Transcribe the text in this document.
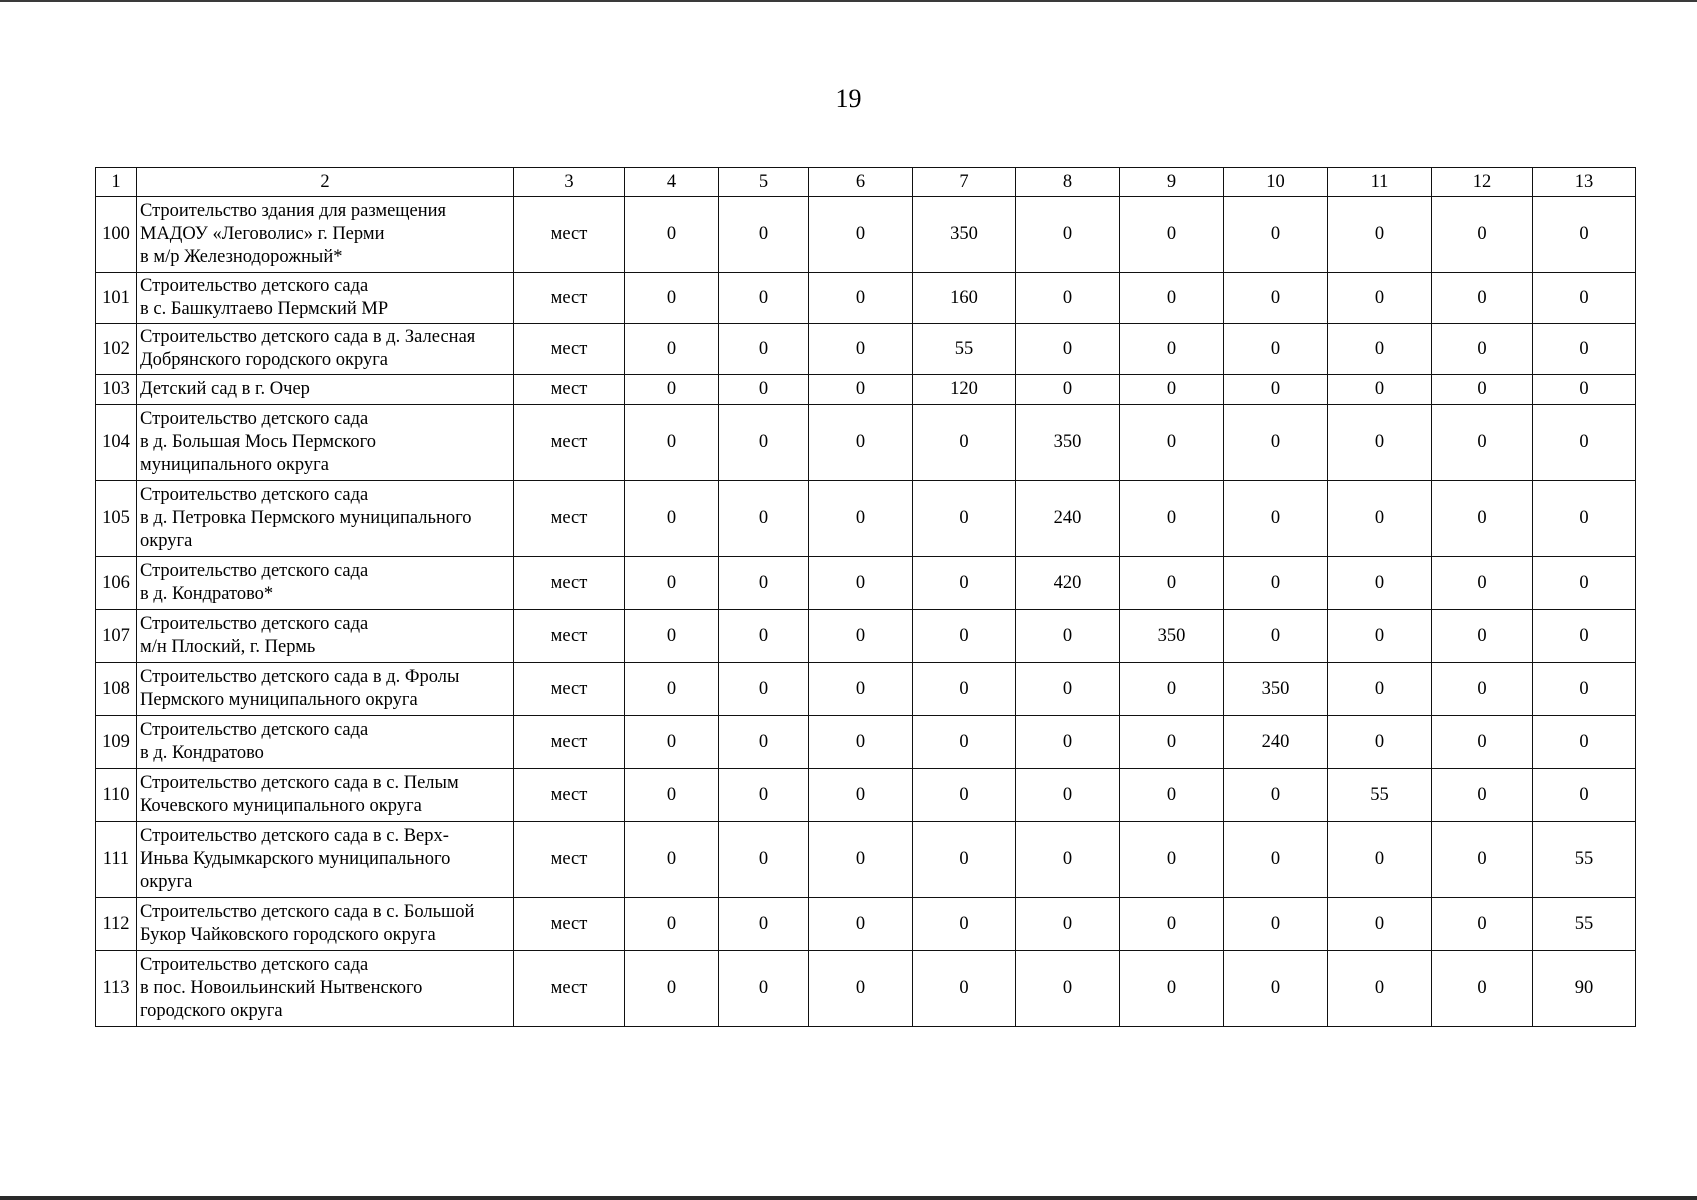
19
1	2	3	4	5	6	7	8	9	10	11	12	13
100	Строительство здания для размещения
МАДОУ «Леговолис» г. Перми
в м/р Железнодорожный*	мест	0	0	0	350	0	0	0	0	0	0
101	Строительство детского сада
в с. Башкултаево Пермский МР	мест	0	0	0	160	0	0	0	0	0	0
102	Строительство детского сада в д. Залесная
Добрянского городского округа	мест	0	0	0	55	0	0	0	0	0	0
103	Детский сад в г. Очер	мест	0	0	0	120	0	0	0	0	0	0
104	Строительство детского сада
в д. Большая Мось Пермского
муниципального округа	мест	0	0	0	0	350	0	0	0	0	0
105	Строительство детского сада
в д. Петровка Пермского муниципального
округа	мест	0	0	0	0	240	0	0	0	0	0
106	Строительство детского сада
в д. Кондратово*	мест	0	0	0	0	420	0	0	0	0	0
107	Строительство детского сада
м/н Плоский, г. Пермь	мест	0	0	0	0	0	350	0	0	0	0
108	Строительство детского сада в д. Фролы
Пермского муниципального округа	мест	0	0	0	0	0	0	350	0	0	0
109	Строительство детского сада
в д. Кондратово	мест	0	0	0	0	0	0	240	0	0	0
110	Строительство детского сада в с. Пелым
Кочевского муниципального округа	мест	0	0	0	0	0	0	0	55	0	0
111	Строительство детского сада в с. Верх-
Иньва Кудымкарского муниципального
округа	мест	0	0	0	0	0	0	0	0	0	55
112	Строительство детского сада в с. Большой
Букор Чайковского городского округа	мест	0	0	0	0	0	0	0	0	0	55
113	Строительство детского сада
в пос. Новоильинский Нытвенского
городского округа	мест	0	0	0	0	0	0	0	0	0	90
